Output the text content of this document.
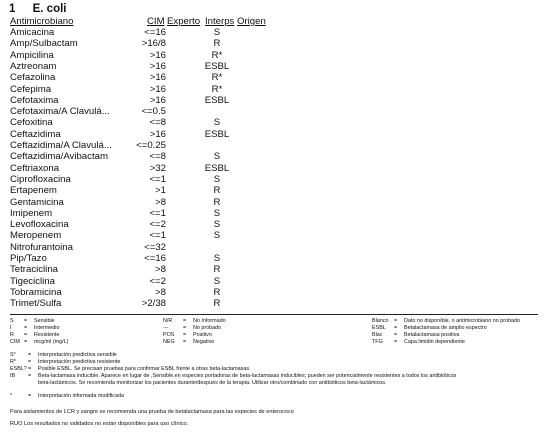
1 E. coli
Antimicrobiano	CIM Experto Interps Origen
Amicacina	<=16	S
Amp/Sulbactam	>16/8	R
Ampicilina	>16	R*
Aztreonam	>16	ESBL
Cefazolina	>16	R*
Cefepima	>16	R*
Cefotaxima	>16	ESBL
Cefotaxima/A Clavulá...	<=0.5
Cefoxitina	<=8	S
Ceftazidima	>16	ESBL
Ceftazidima/A Clavulá...	<=0.25
Ceftazidima/Avibactam	<=8	S
Ceftriaxona	>32	ESBL
Ciprofloxacina	<=1	S
Ertapenem	>1	R
Gentamicina	>8	R
Imipenem	<=1	S
Levofloxacina	<=2	S
Meropenem	<=1	S
Nitrofurantoina	<=32
Pip/Tazo	<=16	S
Tetraciclina	>8	R
Tigeciclina	<=2	S
Tobramicina	>8	R
Trimet/Sulfa	>2/38	R
S = Sensible
I = Intermedio
R = Resistente
CIM = mcg/ml (mg/L)
N/R = No Informado
---	= No probado
POS = Positivo
NEG = Negativo
Blanco = Dato no disponible, o antimicrobiano no probado
ESBL = Betalactamasa de amplio espectro
Blac = Betalactamasa positiva
TFG = Capa limidin dependiente
S* = Interpretación predictiva sensible
R* = Interpretación predictiva resistente
ESBL?= Posible ESBL. Se precisan pruebas para confirmar ESBL frente a otras beta-lactamasas.
IB = Beta-lactamasa inducible. Aparece en lugar de ,Sensible,en especies portadoras de beta-lactamasas inducibles; pueden ser potencialmente resistentes a todos los antibióticos
beta-lactámicos. Se recomienda monitorizar los pacientes durante/después de la terapia. Utilizar otro/combinado con antibióticos beta-lactámicos.
*	= Interpretación informada modificada
Para aislamientos de LCR y sangre se recomienda una prueba de betalactamasa para las especies de enterococo
RUO Los resultados no validados no están disponibles para uso clínico.
